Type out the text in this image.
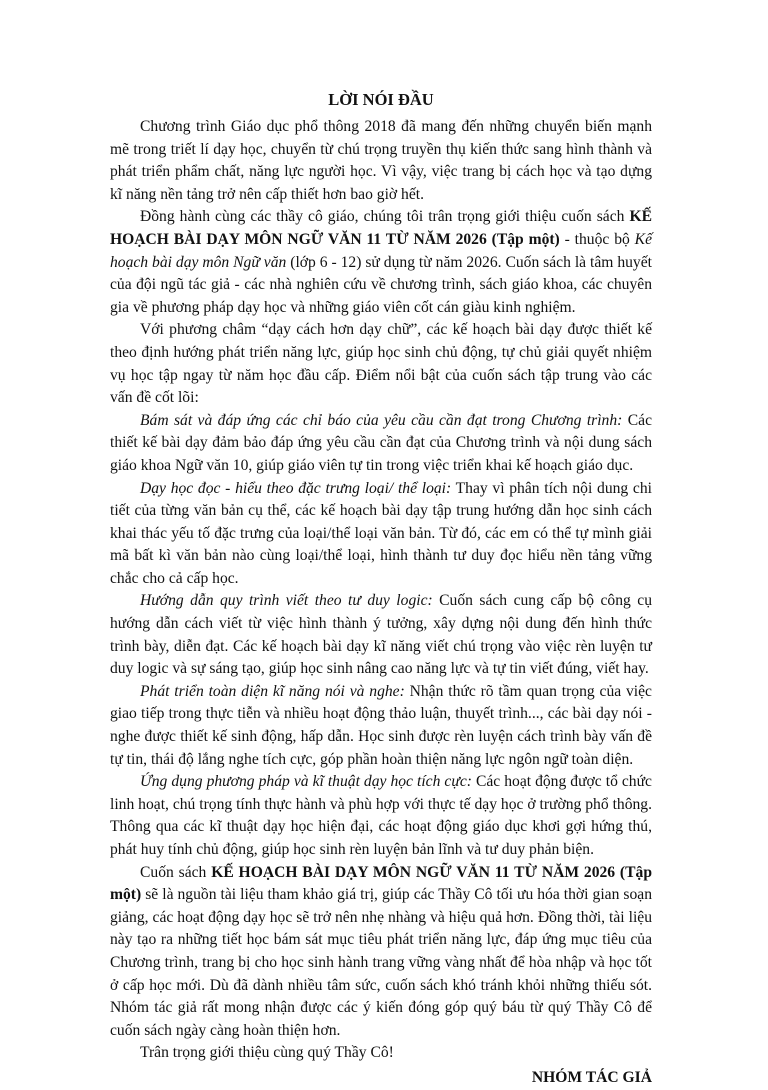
LỜI NÓI ĐẦU

Chương trình Giáo dục phổ thông 2018 đã mang đến những chuyển biến mạnh mẽ trong triết lí dạy học, chuyển từ chú trọng truyền thụ kiến thức sang hình thành và phát triển phẩm chất, năng lực người học. Vì vậy, việc trang bị cách học và tạo dựng kĩ năng nền tảng trở nên cấp thiết hơn bao giờ hết.

Đồng hành cùng các thầy cô giáo, chúng tôi trân trọng giới thiệu cuốn sách KẾ HOẠCH BÀI DẠY MÔN NGỮ VĂN 11 TỪ NĂM 2026 (Tập một) - thuộc bộ Kế hoạch bài dạy môn Ngữ văn (lớp 6 - 12) sử dụng từ năm 2026. Cuốn sách là tâm huyết của đội ngũ tác giả - các nhà nghiên cứu về chương trình, sách giáo khoa, các chuyên gia về phương pháp dạy học và những giáo viên cốt cán giàu kinh nghiệm.

Với phương châm “dạy cách hơn dạy chữ”, các kế hoạch bài dạy được thiết kế theo định hướng phát triển năng lực, giúp học sinh chủ động, tự chủ giải quyết nhiệm vụ học tập ngay từ năm học đầu cấp. Điểm nổi bật của cuốn sách tập trung vào các vấn đề cốt lõi:

Bám sát và đáp ứng các chỉ báo của yêu cầu cần đạt trong Chương trình: Các thiết kế bài dạy đảm bảo đáp ứng yêu cầu cần đạt của Chương trình và nội dung sách giáo khoa Ngữ văn 10, giúp giáo viên tự tin trong việc triển khai kế hoạch giáo dục.

Dạy học đọc - hiểu theo đặc trưng loại/ thể loại: Thay vì phân tích nội dung chi tiết của từng văn bản cụ thể, các kế hoạch bài dạy tập trung hướng dẫn học sinh cách khai thác yếu tố đặc trưng của loại/thể loại văn bản. Từ đó, các em có thể tự mình giải mã bất kì văn bản nào cùng loại/thể loại, hình thành tư duy đọc hiểu nền tảng vững chắc cho cả cấp học.

Hướng dẫn quy trình viết theo tư duy logic: Cuốn sách cung cấp bộ công cụ hướng dẫn cách viết từ việc hình thành ý tưởng, xây dựng nội dung đến hình thức trình bày, diễn đạt. Các kế hoạch bài dạy kĩ năng viết chú trọng vào việc rèn luyện tư duy logic và sự sáng tạo, giúp học sinh nâng cao năng lực và tự tin viết đúng, viết hay.

Phát triển toàn diện kĩ năng nói và nghe: Nhận thức rõ tầm quan trọng của việc giao tiếp trong thực tiễn và nhiều hoạt động thảo luận, thuyết trình..., các bài dạy nói - nghe được thiết kế sinh động, hấp dẫn. Học sinh được rèn luyện cách trình bày vấn đề tự tin, thái độ lắng nghe tích cực, góp phần hoàn thiện năng lực ngôn ngữ toàn diện.

Ứng dụng phương pháp và kĩ thuật dạy học tích cực: Các hoạt động được tổ chức linh hoạt, chú trọng tính thực hành và phù hợp với thực tế dạy học ở trường phổ thông. Thông qua các kĩ thuật dạy học hiện đại, các hoạt động giáo dục khơi gợi hứng thú, phát huy tính chủ động, giúp học sinh rèn luyện bản lĩnh và tư duy phản biện.

Cuốn sách KẾ HOẠCH BÀI DẠY MÔN NGỮ VĂN 11 TỪ NĂM 2026 (Tập một) sẽ là nguồn tài liệu tham khảo giá trị, giúp các Thầy Cô tối ưu hóa thời gian soạn giảng, các hoạt động dạy học sẽ trở nên nhẹ nhàng và hiệu quả hơn. Đồng thời, tài liệu này tạo ra những tiết học bám sát mục tiêu phát triển năng lực, đáp ứng mục tiêu của Chương trình, trang bị cho học sinh hành trang vững vàng nhất để hòa nhập và học tốt ở cấp học mới. Dù đã dành nhiều tâm sức, cuốn sách khó tránh khỏi những thiếu sót. Nhóm tác giả rất mong nhận được các ý kiến đóng góp quý báu từ quý Thầy Cô để cuốn sách ngày càng hoàn thiện hơn.

Trân trọng giới thiệu cùng quý Thầy Cô!

NHÓM TÁC GIẢ
